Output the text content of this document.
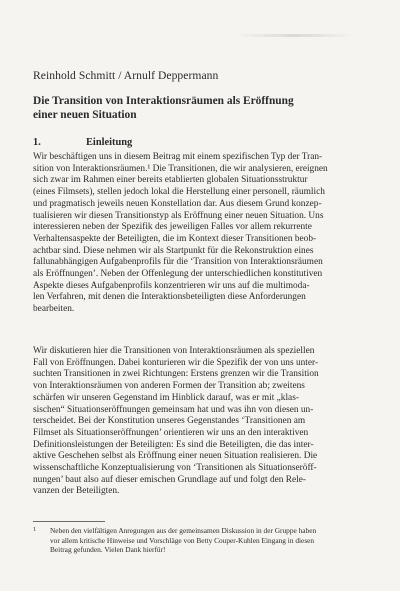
Reinhold Schmitt / Arnulf Deppermann
Die Transition von Interaktionsräumen als Eröffnung
einer neuen Situation
1.	Einleitung
Wir beschäftigen uns in diesem Beitrag mit einem spezifischen Typ der Tran-
sition von Interaktionsräumen.¹ Die Transitionen, die wir analysieren, ereignen
sich zwar im Rahmen einer bereits etablierten globalen Situationsstruktur
(eines Filmsets), stellen jedoch lokal die Herstellung einer personell, räumlich
und pragmatisch jeweils neuen Konstellation dar. Aus diesem Grund konzep-
tualisieren wir diesen Transitionstyp als Eröffnung einer neuen Situation. Uns
interessieren neben der Spezifik des jeweiligen Falles vor allem rekurrente
Verhaltensaspekte der Beteiligten, die im Kontext dieser Transitionen beob-
achtbar sind. Diese nehmen wir als Startpunkt für die Rekonstruktion eines
fallunabhängigen Aufgabenprofils für die ‘Transition von Interaktionsräumen
als Eröffnungen’. Neben der Offenlegung der unterschiedlichen konstitutiven
Aspekte dieses Aufgabenprofils konzentrieren wir uns auf die multimoda-
len Verfahren, mit denen die Interaktionsbeteiligten diese Anforderungen
bearbeiten.
Wir diskutieren hier die Transitionen von Interaktionsräumen als speziellen
Fall von Eröffnungen. Dabei konturieren wir die Spezifik der von uns unter-
suchten Transitionen in zwei Richtungen: Erstens grenzen wir die Transition
von Interaktionsräumen von anderen Formen der Transition ab; zweitens
schärfen wir unseren Gegenstand im Hinblick darauf, was er mit „klas-
sischen“ Situationseröffnungen gemeinsam hat und was ihn von diesen un-
terscheidet. Bei der Konstitution unseres Gegenstandes ‘Transitionen am
Filmset als Situationseröffnungen’ orientieren wir uns an den interaktiven
Definitionsleistungen der Beteiligten: Es sind die Beteiligten, die das inter-
aktive Geschehen selbst als Eröffnung einer neuen Situation realisieren. Die
wissenschaftliche Konzeptualisierung von ‘Transitionen als Situationseröff-
nungen’ baut also auf dieser emischen Grundlage auf und folgt den Rele-
vanzen der Beteiligten.
1 Neben den vielfältigen Anregungen aus der gemeinsamen Diskussion in der Gruppe haben
vor allem kritische Hinweise und Vorschläge von Betty Couper-Kuhlen Eingang in diesen
Beitrag gefunden. Vielen Dank hierfür!
